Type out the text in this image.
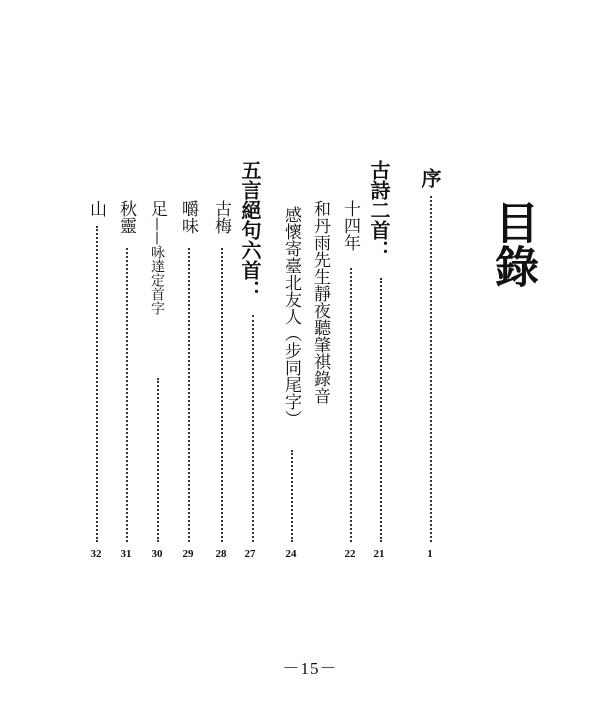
目錄
序
1
古詩二首：
21
十四年
22
和丹雨先生靜夜聽肇祺錄音
感懷寄臺北友人（步同尾字）
24
五言絕句六首：
27
古梅
28
嚼味
29
足——咏達定首字
30
秋靈
31
山
32
－15－
